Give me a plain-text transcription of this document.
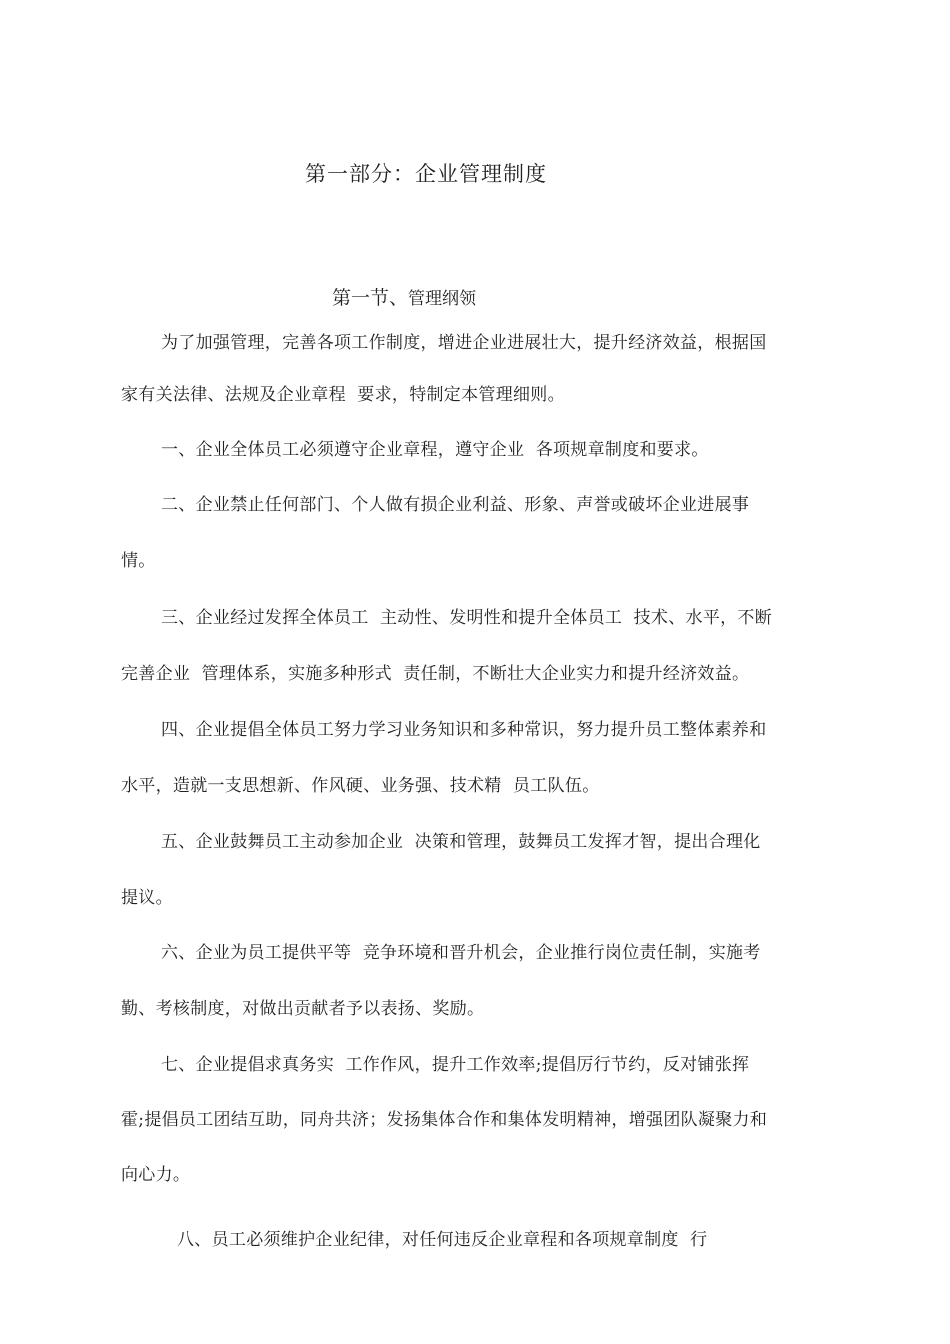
第一部分：企业管理制度
第一节、管理纲领
为了加强管理，完善各项工作制度，增进企业进展壮大，提升经济效益，根据国
家有关法律、法规及企业章程  要求，特制定本管理细则。
一、企业全体员工必须遵守企业章程，遵守企业  各项规章制度和要求。
二、企业禁止任何部门、个人做有损企业利益、形象、声誉或破坏企业进展事
情。
三、企业经过发挥全体员工  主动性、发明性和提升全体员工  技术、水平，不断
完善企业  管理体系，实施多种形式  责任制，不断壮大企业实力和提升经济效益。
四、企业提倡全体员工努力学习业务知识和多种常识，努力提升员工整体素养和
水平，造就一支思想新、作风硬、业务强、技术精  员工队伍。
五、企业鼓舞员工主动参加企业  决策和管理，鼓舞员工发挥才智，提出合理化
提议。
六、企业为员工提供平等  竞争环境和晋升机会，企业推行岗位责任制，实施考
勤、考核制度，对做出贡献者予以表扬、奖励。
七、企业提倡求真务实  工作作风，提升工作效率;提倡厉行节约，反对铺张挥
霍;提倡员工团结互助，同舟共济；发扬集体合作和集体发明精神，增强团队凝聚力和
向心力。
八、员工必须维护企业纪律，对任何违反企业章程和各项规章制度  行
